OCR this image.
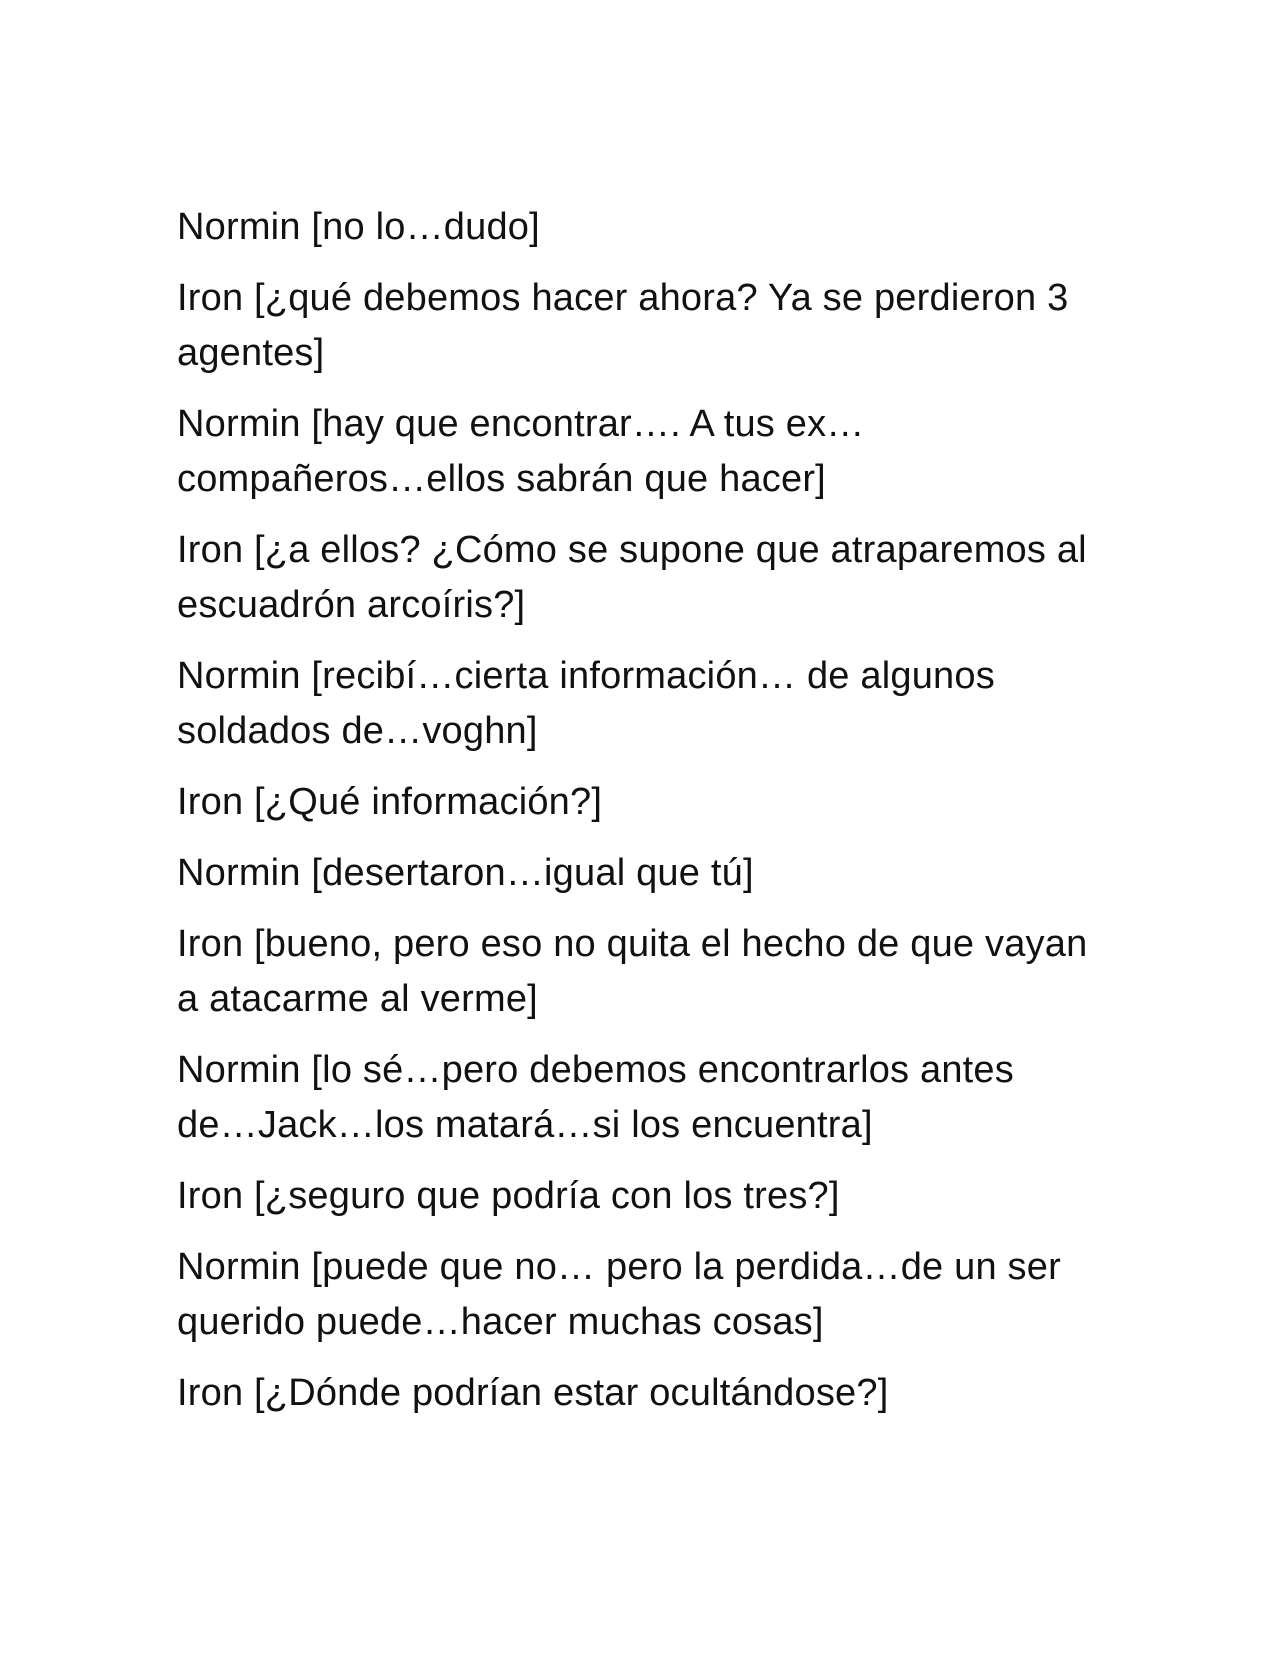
Normin [no lo…dudo]

Iron [¿qué debemos hacer ahora? Ya se perdieron 3 agentes]

Normin [hay que encontrar…. A tus ex… compañeros…ellos sabrán que hacer]

Iron [¿a ellos? ¿Cómo se supone que atraparemos al escuadrón arcoíris?]

Normin [recibí…cierta información… de algunos soldados de…voghn]

Iron [¿Qué información?]

Normin [desertaron…igual que tú]

Iron [bueno, pero eso no quita el hecho de que vayan a atacarme al verme]

Normin [lo sé…pero debemos encontrarlos antes de…Jack…los matará…si los encuentra]

Iron [¿seguro que podría con los tres?]

Normin [puede que no… pero la perdida…de un ser querido puede…hacer muchas cosas]

Iron [¿Dónde podrían estar ocultándose?]
